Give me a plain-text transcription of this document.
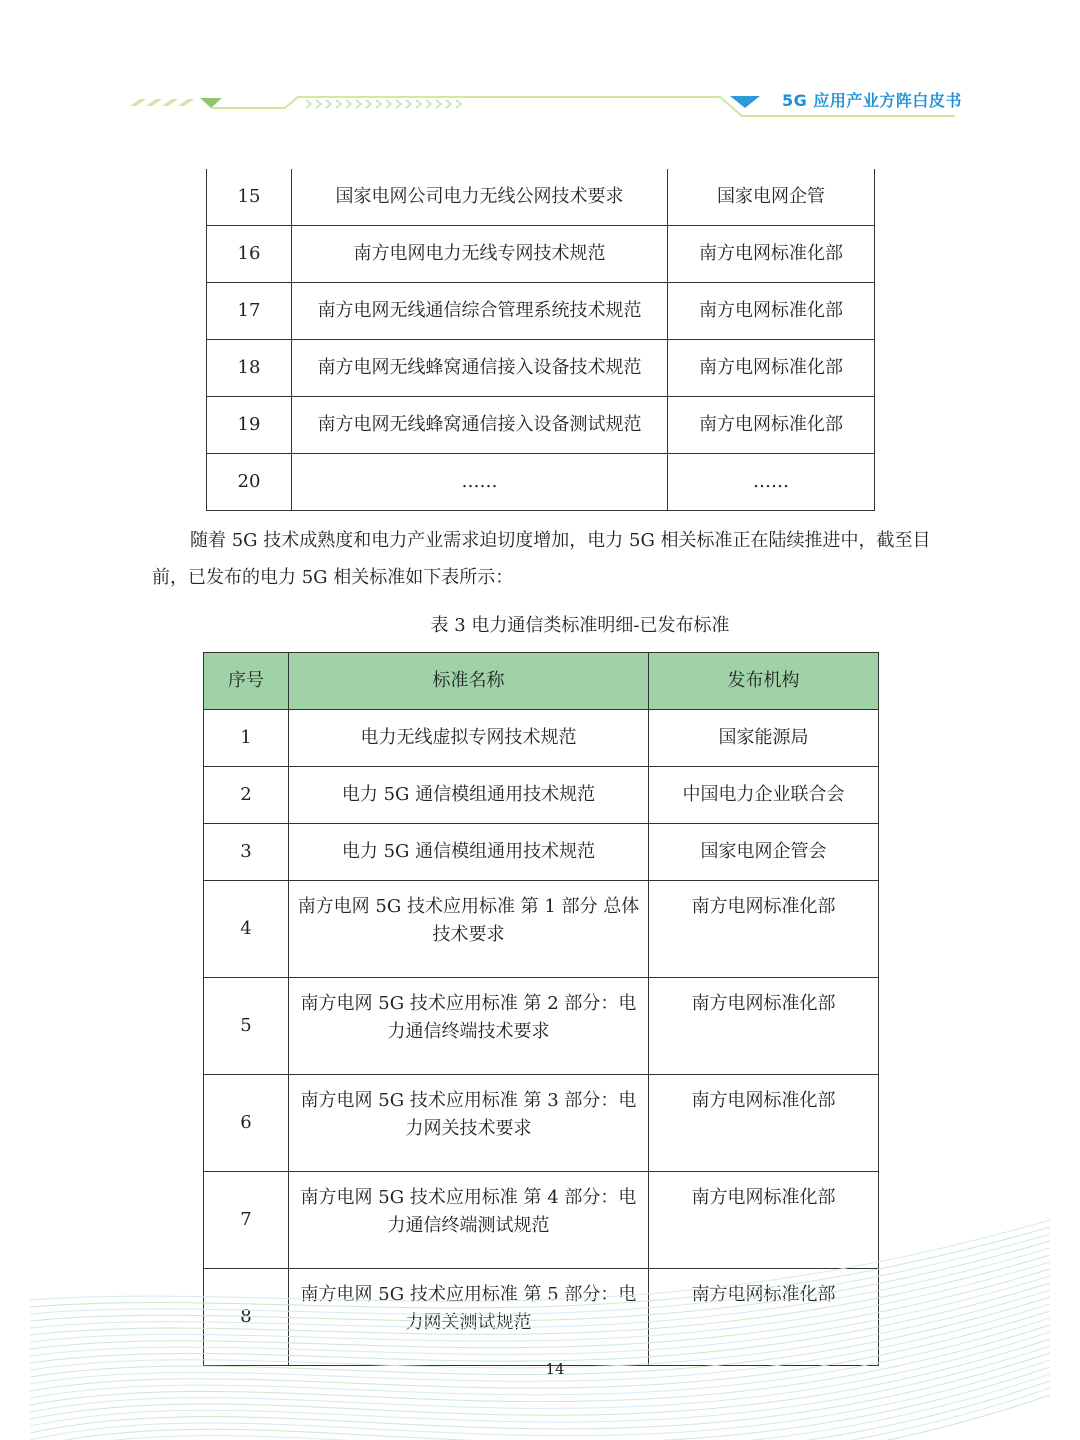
5G 应用产业方阵白皮书
15	国家电网公司电力无线公网技术要求	国家电网企管
16	南方电网电力无线专网技术规范	南方电网标准化部
17	南方电网无线通信综合管理系统技术规范	南方电网标准化部
18	南方电网无线蜂窝通信接入设备技术规范	南方电网标准化部
19	南方电网无线蜂窝通信接入设备测试规范	南方电网标准化部
20	……	……

随着 5G 技术成熟度和电力产业需求迫切度增加，电力 5G 相关标准正在陆续推进中，截至目前，已发布的电力 5G 相关标准如下表所示：

表 3 电力通信类标准明细-已发布标准
序号	标准名称	发布机构
1	电力无线虚拟专网技术规范	国家能源局
2	电力 5G 通信模组通用技术规范	中国电力企业联合会
3	电力 5G 通信模组通用技术规范	国家电网企管会
4	南方电网 5G 技术应用标准 第 1 部分 总体技术要求	南方电网标准化部
5	南方电网 5G 技术应用标准 第 2 部分：电力通信终端技术要求	南方电网标准化部
6	南方电网 5G 技术应用标准 第 3 部分：电力网关技术要求	南方电网标准化部
7	南方电网 5G 技术应用标准 第 4 部分：电力通信终端测试规范	南方电网标准化部
8	南方电网 5G 技术应用标准 第 5 部分：电力网关测试规范	南方电网标准化部
14
